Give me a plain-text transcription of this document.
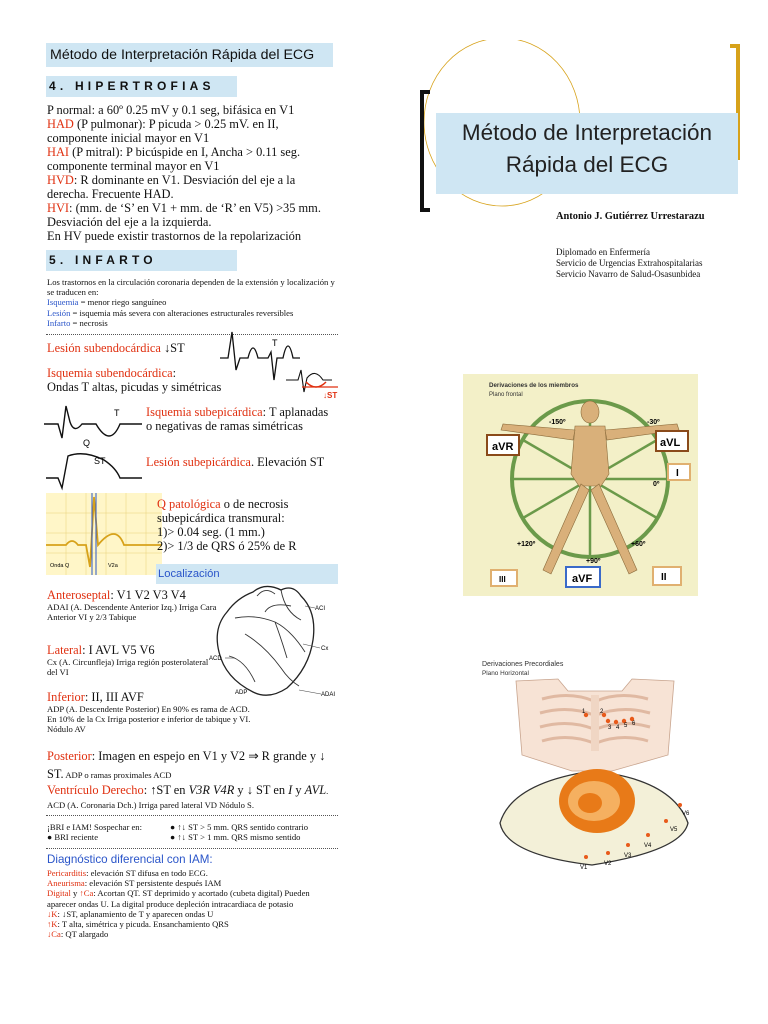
Método de Interpretación Rápida del ECG
4. HIPERTROFIAS
P normal: a 60º 0.25 mV y 0.1 seg, bifásica en V1
HAD (P pulmonar): P picuda > 0.25 mV. en II, componente inicial mayor en V1
HAI (P mitral): P bicúspide en I, Ancha > 0.11 seg. componente terminal mayor en V1
HVD: R dominante en V1. Desviación del eje a la derecha. Frecuente HAD.
HVI: (mm. de ‘S’ en V1 + mm. de ‘R’ en V5) >35 mm. Desviación del eje a la izquierda.
En HV puede existir trastornos de la repolarización
5. INFARTO
Los trastornos en la circulación coronaria dependen de la extensión y localización y se traducen en:
Isquemia = menor riego sanguíneo
Lesión = isquemia más severa con alteraciones estructurales reversibles
Infarto = necrosis
Lesión subendocárdica ↓ST
Isquemia subendocárdica:
Ondas T altas, picudas y simétricas
T
↓ST
T
Q
ST
Isquemia subepicárdica: T aplanadas o negativas de ramas simétricas
Lesión subepicárdica. Elevación ST
Onda Q	V2a
Q patológica o de necrosis subepicárdica transmural:
1)> 0.04 seg. (1 mm.)
2)> 1/3 de QRS ó 25% de R
Localización
Anteroseptal: V1 V2 V3 V4
ADAI (A. Descendente Anterior Izq.) Irriga Cara Anterior VI y 2/3 Tabique
Lateral: I AVL V5 V6
Cx (A. Circunfleja) Irriga región posterolateral del VI
Inferior: II, III AVF
ADP (A. Descendente Posterior) En 90% es rama de ACD. En 10% de la Cx Irriga posterior e inferior de tabique y VI. Nódulo AV
ACI
Cx
ACD
ADAI
ADP
Posterior: Imagen en espejo en V1 y V2 ⇒ R grande y ↓ ST. ADP o ramas proximales ACD
Ventrículo Derecho: ↑ST en V3R V4R y ↓ ST en I y AVL. ACD (A. Coronaria Dch.) Irriga pared lateral VD Nódulo S.
¡BRI e IAM! Sospechar en:
● BRI reciente
● ↑↓ ST > 5 mm. QRS sentido contrario
● ↑↓ ST > 1 mm. QRS mismo sentido
Diagnóstico diferencial con IAM:
Pericarditis: elevación ST difusa en todo ECG.
Aneurisma: elevación ST persistente después IAM
Digital y ↑Ca: Acortan QT. ST deprimido y acortado (cubeta digital) Pueden aparecer ondas U. La digital produce depleción intracardiaca de potasio
↓K: ↓ST, aplanamiento de T y aparecen ondas U
↑K: T alta, simétrica y picuda. Ensanchamiento QRS
↓Ca: QT alargado
Método de Interpretación
Rápida del ECG
Antonio J. Gutiérrez Urrestarazu
Diplomado en Enfermería
Servicio de Urgencias Extrahospitalarias
Servicio Navarro de Salud-Osasunbidea
Derivaciones de los miembros
Plano frontal
-150º	-30º
0º
+120º
+90º
+60º
aVR	aVL
I
aVF	II
III
Derivaciones Precordiales
Plano Horizontal
1 2
3 4 5 6
V1
V2
V3
V4
V5
V6
